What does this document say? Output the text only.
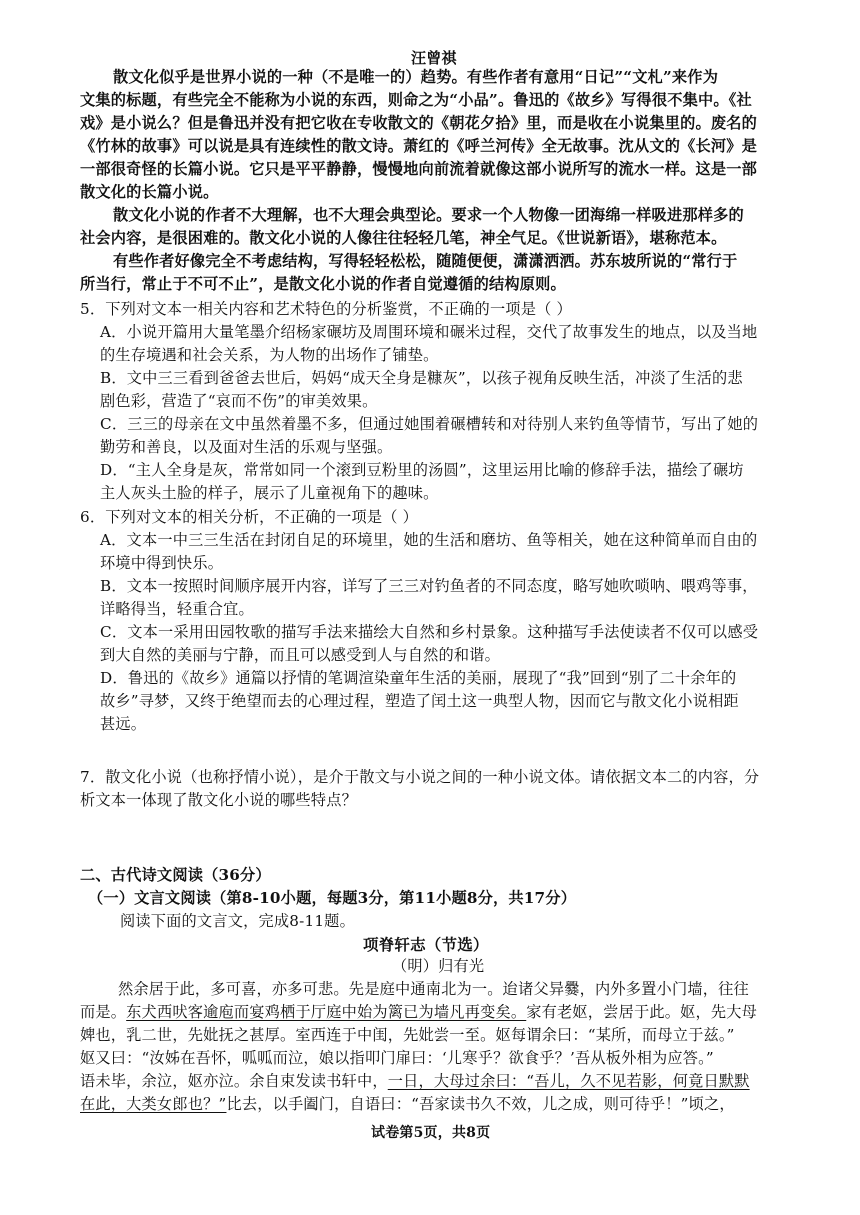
汪曾祺
散文化似乎是世界小说的一种（不是唯一的）趋势。有些作者有意用“日记”“文札”来作为
文集的标题，有些完全不能称为小说的东西，则命之为“小品”。鲁迅的《故乡》写得很不集中。《社
戏》是小说么？但是鲁迅并没有把它收在专收散文的《朝花夕拾》里，而是收在小说集里的。废名的
《竹林的故事》可以说是具有连续性的散文诗。萧红的《呼兰河传》全无故事。沈从文的《长河》是
一部很奇怪的长篇小说。它只是平平静静，慢慢地向前流着就像这部小说所写的流水一样。这是一部
散文化的长篇小说。
散文化小说的作者不大理解，也不大理会典型论。要求一个人物像一团海绵一样吸进那样多的
社会内容，是很困难的。散文化小说的人像往往轻轻几笔，神全气足。《世说新语》，堪称范本。
有些作者好像完全不考虑结构，写得轻轻松松，随随便便，潇潇洒洒。苏东坡所说的“常行于
所当行，常止于不可不止”，是散文化小说的作者自觉遵循的结构原则。
5．下列对文本一相关内容和艺术特色的分析鉴赏，不正确的一项是（ ）
A．小说开篇用大量笔墨介绍杨家碾坊及周围环境和碾米过程，交代了故事发生的地点，以及当地
的生存境遇和社会关系，为人物的出场作了铺垫。
B．文中三三看到爸爸去世后，妈妈“成天全身是糠灰”，以孩子视角反映生活，冲淡了生活的悲
剧色彩，营造了“哀而不伤”的审美效果。
C．三三的母亲在文中虽然着墨不多，但通过她围着碾槽转和对待别人来钓鱼等情节，写出了她的
勤劳和善良，以及面对生活的乐观与坚强。
D．“主人全身是灰，常常如同一个滚到豆粉里的汤圆”，这里运用比喻的修辞手法，描绘了碾坊
主人灰头土脸的样子，展示了儿童视角下的趣味。
6．下列对文本的相关分析，不正确的一项是（ ）
A．文本一中三三生活在封闭自足的环境里，她的生活和磨坊、鱼等相关，她在这种简单而自由的
环境中得到快乐。
B．文本一按照时间顺序展开内容，详写了三三对钓鱼者的不同态度，略写她吹唢呐、喂鸡等事，
详略得当，轻重合宜。
C．文本一采用田园牧歌的描写手法来描绘大自然和乡村景象。这种描写手法使读者不仅可以感受
到大自然的美丽与宁静，而且可以感受到人与自然的和谐。
D．鲁迅的《故乡》通篇以抒情的笔调渲染童年生活的美丽，展现了“我”回到“别了二十余年的
故乡”寻梦，又终于绝望而去的心理过程，塑造了闰土这一典型人物，因而它与散文化小说相距
甚远。
7．散文化小说（也称抒情小说），是介于散文与小说之间的一种小说文体。请依据文本二的内容，分
析文本一体现了散文化小说的哪些特点？
二、古代诗文阅读（36分）
（一）文言文阅读（第8-10小题，每题3分，第11小题8分，共17分）
阅读下面的文言文，完成8-11题。
项脊轩志（节选）
（明）归有光
然余居于此，多可喜，亦多可悲。先是庭中通南北为一。迨诸父异爨，内外多置小门墙，往往
而是。东犬西吠客逾庖而宴鸡栖于厅庭中始为篱已为墙凡再变矣。家有老妪，尝居于此。妪，先大母
婢也，乳二世，先妣抚之甚厚。室西连于中闺，先妣尝一至。妪每谓余曰：“某所，而母立于兹。”
妪又曰：“汝姊在吾怀，呱呱而泣，娘以指叩门扉曰：‘儿寒乎？欲食乎？’吾从板外相为应答。”
语未毕，余泣，妪亦泣。余自束发读书轩中，一日，大母过余曰：“吾儿，久不见若影，何竟日默默
在此，大类女郎也？”比去，以手阖门，自语曰：“吾家读书久不效，儿之成，则可待乎！”顷之，
试卷第5页，共8页
